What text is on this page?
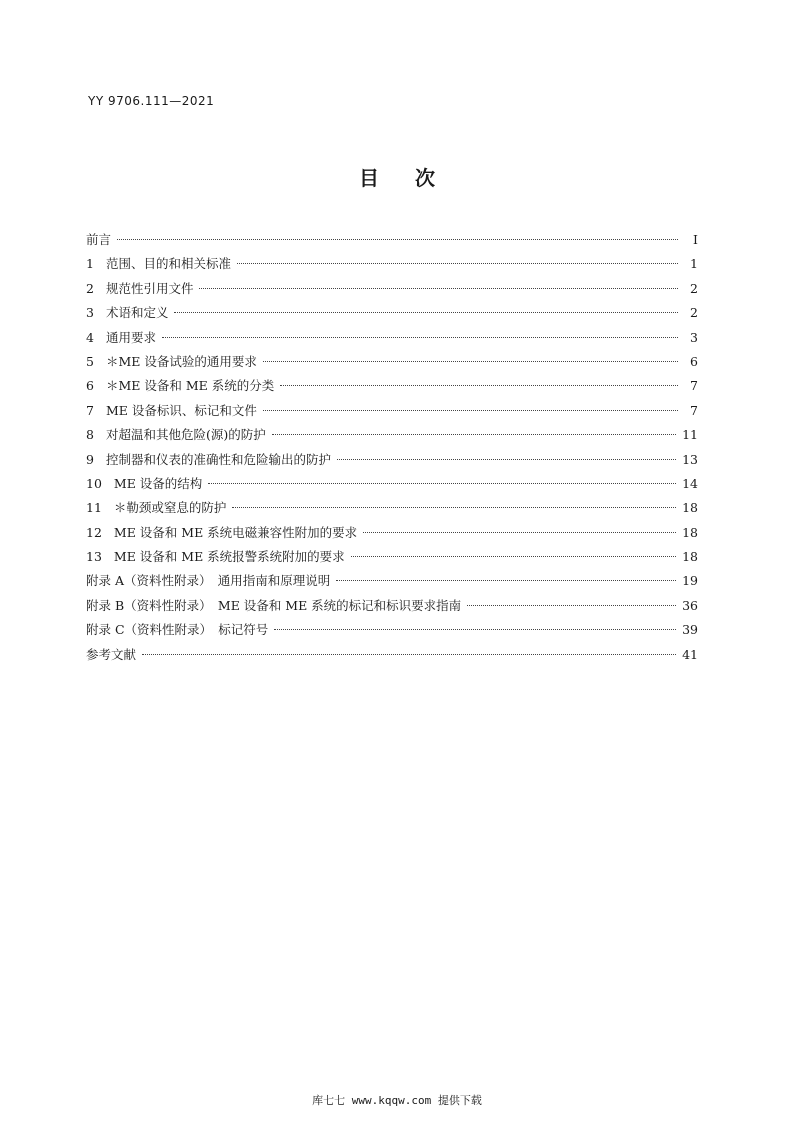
YY 9706.111—2021
目 次
前言	I
1 范围、目的和相关标准	1
2 规范性引用文件	2
3 术语和定义	2
4 通用要求	3
5 ＊ME 设备试验的通用要求	6
6 ＊ME 设备和 ME 系统的分类	7
7 ME 设备标识、标记和文件	7
8 对超温和其他危险(源)的防护	11
9 控制器和仪表的准确性和危险输出的防护	13
10 ME 设备的结构	14
11 ＊勒颈或窒息的防护	18
12 ME 设备和 ME 系统电磁兼容性附加的要求	18
13 ME 设备和 ME 系统报警系统附加的要求	18
附录 A（资料性附录）　通用指南和原理说明	19
附录 B（资料性附录）　ME 设备和 ME 系统的标记和标识要求指南	36
附录 C（资料性附录）　标记符号	39
参考文献	41
库七七 www.kqqw.com 提供下载
